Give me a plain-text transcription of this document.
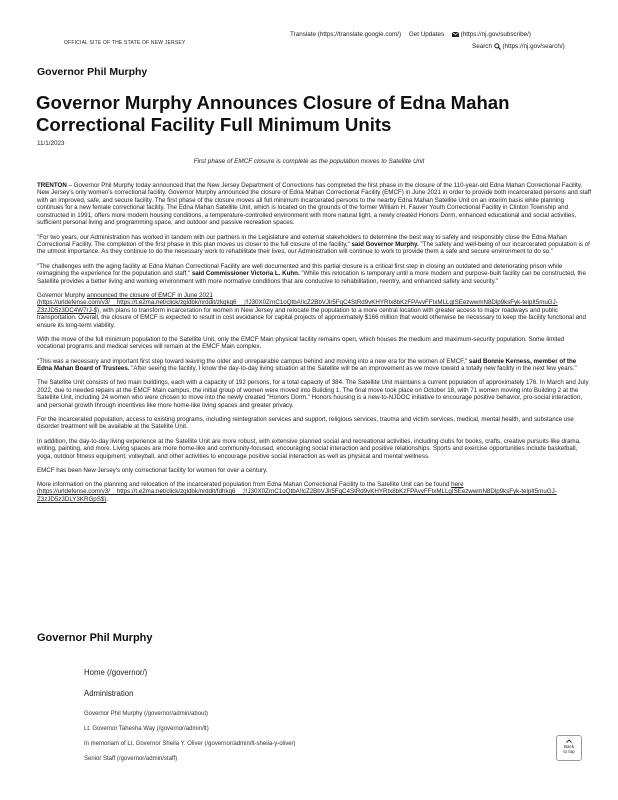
OFFICIAL SITE OF THE STATE OF NEW JERSEY
Translate (https://translate.google.com/) Get Updates	(https://nj.gov/subscribe/)
Search (https://nj.gov/search/)
Governor Phil Murphy
Governor Murphy Announces Closure of Edna Mahan Correctional Facility Full Minimum Units
11/1/2023
First phase of EMCF closure is complete as the population moves to Satellite Unit

TRENTON – Governor Phil Murphy today announced that the New Jersey Department of Corrections has completed the first phase in the closure of the 110-year-old Edna Mahan Correctional Facility, New Jersey's only women's correctional facility. Governor Murphy announced the closure of Edna Mahan Correctional Facility (EMCF) in June 2021 in order to provide both incarcerated persons and staff with an improved, safe, and secure facility. The first phase of the closure moves all full minimum incarcerated persons to the nearby Edna Mahan Satellite Unit on an interim basis while planning continues for a new female correctional facility. The Edna Mahan Satellite Unit, which is located on the grounds of the former William H. Fauver Youth Correctional Facility in Clinton Township and constructed in 1991, offers more modern housing conditions, a temperature-controlled environment with more natural light, a newly created Honors Dorm, enhanced educational and social activities, sufficient personal living and programming space, and outdoor and passive recreation spaces.

"For two years, our Administration has worked in tandem with our partners in the Legislature and external stakeholders to determine the best way to safely and responsibly close the Edna Mahan Correctional Facility. The completion of the first phase in this plan moves us closer to the full closure of the facility," said Governor Murphy. "The safety and well-being of our incarcerated population is of the utmost importance. As they continue to do the necessary work to rehabilitate their lives, our Administration will continue to work to provide them a safe and secure environment to do so."

"The challenges with the aging facility at Edna Mahan Correctional Facility are well documented and this partial closure is a critical first step in closing an outdated and deteriorating prison while reimagining the experience for the population and staff," said Commissioner Victoria L. Kuhn. "While this relocation is temporary until a more modern and purpose-built facility can be constructed, the Satellite provides a better living and working environment with more normative conditions that are conducive to rehabilitation, reentry, and enhanced safety and security."

Governor Murphy announced the closure of EMCF in June 2021
(https://urldefense.com/v3/__https://t.e2ma.net/click/zgldbk/nrddit/zkqkq6__;!!J30X0ZrnC1oQtbA!lcZ2BbVJlr5FqC4StRd9vKHYRtx8bKzFPAvvFFtxMLLgISEezwwmN8Dlp9ksFyk-telpIt5muGJ-Z3zJD5z3DC4W7rJ-$), with plans to transform incarceration for women in New Jersey and relocate the population to a more central location with greater access to major roadways and public transportation. Overall, the closure of EMCF is expected to result in cost avoidance for capital projects of approximately $166 million that would otherwise be necessary to keep the facility functional and ensure its long-term viability.

With the move of the full minimum population to the Satellite Unit, only the EMCF Main physical facility remains open, which houses the medium and maximum-security population. Some limited vocational programs and medical services will remain at the EMCF Main complex.

"This was a necessary and important first step toward leaving the older and unrepairable campus behind and moving into a new era for the women of EMCF," said Bonnie Kerness, member of the Edna Mahan Board of Trustees. "After seeing the facility, I know the day-to-day living situation at the Satellite will be an improvement as we move toward a totally new facility in the next few years."

The Satellite Unit consists of two main buildings, each with a capacity of 192 persons, for a total capacity of 384. The Satellite Unit maintains a current population of approximately 176. In March and July 2022, due to needed repairs at the EMCF Main campus, the initial group of women were moved into Building 1. The final move took place on October 18, with 71 women moving into Building 2 at the Satellite Unit, including 24 women who were chosen to move into the newly created "Honors Dorm." Honors housing is a new-to-NJDOC initiative to encourage positive behavior, pro-social interaction, and personal growth through incentives like more home-like living spaces and greater privacy.

For the incarcerated population, access to existing programs, including reintegration services and support, religious services, trauma and victim services, medical, mental health, and substance use disorder treatment will be available at the Satellite Unit.

In addition, the day-to-day living experience at the Satellite Unit are more robust, with extensive planned social and recreational activities, including clubs for books, crafts, creative pursuits like drama, writing, painting, and more. Living spaces are more home-like and community-focused, encouraging social interaction and positive relationships. Sports and exercise opportunities include basketball, yoga, outdoor fitness equipment, volleyball, and other activities to encourage positive social interaction as well as physical and mental wellness.

EMCF has been New Jersey's only correctional facility for women for over a century.

More information on the planning and relocation of the incarcerated population from Edna Mahan Correctional Facility to the Satellite Unit can be found here
(https://urldefense.com/v3/__https://t.e2ma.net/click/zgldbk/nrddit/fdhkq6__;!!J30X0ZrnC1oQtbA!lcZ2BbVJlr5FqC4StRd9vKHYRtx8bKzFPAvvFFtxMLLgISEezwwmN8Dlp9ksFyk-telpIt5muGJ-Z3zJD5z3DLY3KRGpS$).

Governor Phil Murphy
Home (/governor/)
Administration
Governor Phil Murphy (/governor/admin/about)
Lt. Governor Tahesha Way (/governor/admin/lt)
In memoriam of Lt. Governor Sheila Y. Oliver (/governor/admin/lt-sheila-y-oliver)
Senior Staff (/governor/admin/staff)

Back
to top
